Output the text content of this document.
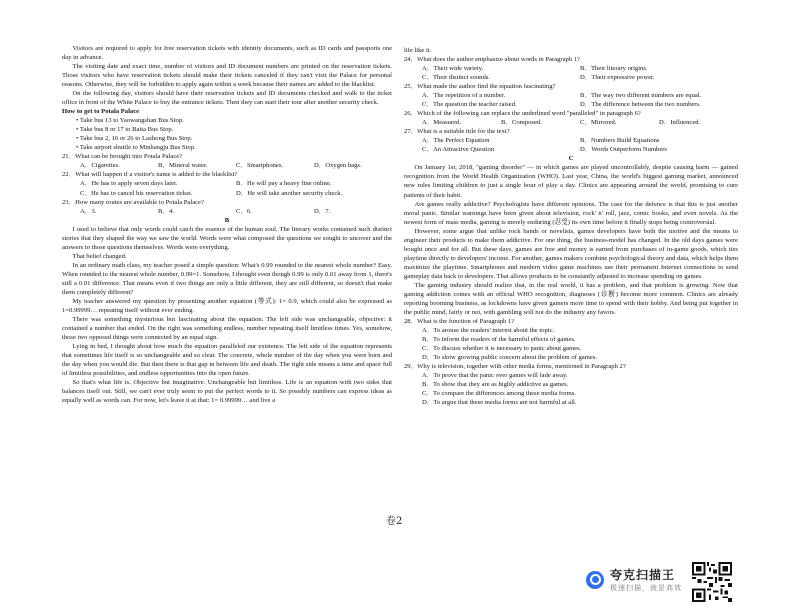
Visitors are required to apply for free reservation tickets with identity documents, such as ID cards and passports one day in advance.

The visiting date and exact time, number of visitors and ID document numbers are printed on the reservation tickets. Those visitors who have reservation tickets should make their tickets canceled if they can't visit the Palace for personal reasons. Otherwise, they will be forbidden to apply again within a week because their names are added to the blacklist.

On the following day, visitors should have their reservation tickets and ID documents checked and walk to the ticket office in front of the White Palace to buy the entrance tickets. Then they can start their tour after another security check.

How to get to Potala Palace

• Take bus 13 to Yaowangshan Bus Stop.

• Take bus 8 or 17 to Baita Bus Stop.

• Take bus 2, 16 or 26 to Lazhong Bus Stop.

• Take airport shuttle to Minhangju Bus Stop.

21．What can be brought into Potala Palace?

A．Cigarettes.	B．Mineral water.	C．Smartphones.	D．Oxygen bags.

22．What will happen if a visitor's name is added to the blacklist?

A．He has to apply seven days later.	B．He will pay a heavy fine online.
C．He has to cancel his reservation ticket.	D．He will take another security check.

23．How many routes are available to Potala Palace?

A．3.	B．4.	C．6.	D．7.

B

I used to believe that only words could catch the essence of the human soul. The literary works contained such distinct stories that they shaped the way we saw the world. Words were what composed the questions we sought to uncover and the answers to those questions themselves. Words were everything.

That belief changed.

In an ordinary math class, my teacher posed a simple question: What's 0.99 rounded to the nearest whole number? Easy. When rounded to the nearest whole number, 0.99=1. Somehow, I thought even though 0.99 is only 0.01 away from 1, there's still a 0.01 difference. That means even if two things are only a little different, they are still different, so doesn't that make them completely different?

My teacher answered my question by presenting another equation (等式): 1= 0.9, which could also be expressed as 1=0.99999… repeating itself without ever ending.

There was something mysterious but fascinating about the equation. The left side was unchangeable, objective: it contained a number that ended. On the right was something endless, number repeating itself limitless times. Yes, somehow, those two opposed things were connected by an equal sign.

Lying in bed, I thought about how much the equation paralleled our existence. The left side of the equation represents that sometimes life itself is so unchangeable and so clear. The concrete, whole number of the day when you were born and the day when you would die. But then there is that gap in between life and death. The right side means a time and space full of limitless possibilities, and endless opportunities into the open future.

So that's what life is. Objective but imaginative. Unchangeable but limitless. Life is an equation with two sides that balances itself out. Still, we can't ever truly seem to put the perfect words to it. So possibly numbers can express ideas as equally well as words can. For now, let's leave it at that: 1= 0.99999… and live a

life like it.

24．What does the author emphasize about words in Paragraph 1?

A．Their wide variety.	B．Their literary origins.
C．Their distinct sounds.	D．Their expressive power.

25．What made the author find the equation fascinating?

A．The repetition of a number.	B．The way two different numbers are equal.
C．The question the teacher raised.	D．The difference between the two numbers.

26．Which of the following can replace the underlined word "paralleled" in paragraph 6?

A．Measured.	B．Composed.	C．Mirrored.	D．Influenced.

27．What is a suitable title for the text?

A．The Perfect Equation	B．Numbers Build Equations
C．An Attractive Question	D．Words Outperform Numbers

C

On January 1st, 2018, "gaming disorder" — in which games are played uncontrollably, despite causing harm — gained recognition from the World Health Organization (WHO). Last year, China, the world's biggest gaming market, announced new rules limiting children to just a single hour of play a day. Clinics are appearing around the world, promising to cure patients of their habit.

Are games really addictive? Psychologists have different opinions. The case for the defence is that this is just another moral panic. Similar warnings have been given about television, rock' n' roll, jazz, comic books, and even novels. As the newest form of mass media, gaming is merely enduring (忍受) its own time before it finally stops being controversial.

However, some argue that unlike rock bands or novelists, games developers have both the motive and the means to engineer their products to make them addictive. For one thing, the business-model has changed. In the old days games were bought once and for all. But these days, games are free and money is earned from purchases of in-game goods, which ties playtime directly to developers' income. For another, games makers combine psychological theory and data, which helps them maximize the playtime. Smartphones and modern video game machines use their permanent Internet connections to send gameplay data back to developers. That allows products to be constantly adjusted to increase spending on games.

The gaming industry should realize that, in the real world, it has a problem, and that problem is growing. Now that gaming addiction comes with an official WHO recognition, diagnoses (诊断) become more common. Clinics are already reporting booming business, as lockdowns have given gamers more time to spend with their hobby. And being put together in the public mind, fairly or not, with gambling will not do the industry any favors.

28．What is the function of Paragraph 1?

A．To arouse the readers' interest about the topic.

B．To inform the readers of the harmful effects of games.

C．To discuss whether it is necessary to panic about games.

D．To show growing public concern about the problem of games.

29．Why is television, together with other media forms, mentioned in Paragraph 2?

A．To prove that the panic over games will fade away.

B．To show that they are as highly addictive as games.

C．To compare the differences among these media forms.

D．To argue that these media forms are not harmful at all.

卷2
夸克扫描王
极速扫描，就是高效
